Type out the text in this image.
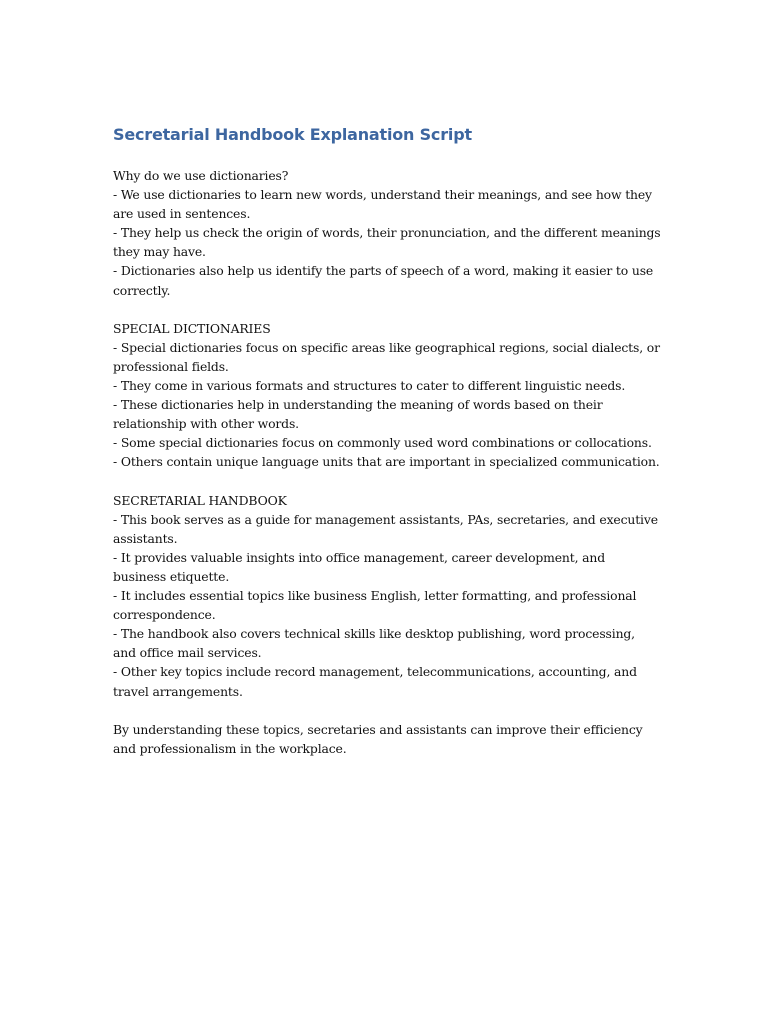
Secretarial Handbook Explanation Script
Why do we use dictionaries?
- We use dictionaries to learn new words, understand their meanings, and see how they are used in sentences.
- They help us check the origin of words, their pronunciation, and the different meanings they may have.
- Dictionaries also help us identify the parts of speech of a word, making it easier to use correctly.
SPECIAL DICTIONARIES
- Special dictionaries focus on specific areas like geographical regions, social dialects, or professional fields.
- They come in various formats and structures to cater to different linguistic needs.
- These dictionaries help in understanding the meaning of words based on their relationship with other words.
- Some special dictionaries focus on commonly used word combinations or collocations.
- Others contain unique language units that are important in specialized communication.
SECRETARIAL HANDBOOK
- This book serves as a guide for management assistants, PAs, secretaries, and executive assistants.
- It provides valuable insights into office management, career development, and business etiquette.
- It includes essential topics like business English, letter formatting, and professional correspondence.
- The handbook also covers technical skills like desktop publishing, word processing, and office mail services.
- Other key topics include record management, telecommunications, accounting, and travel arrangements.
By understanding these topics, secretaries and assistants can improve their efficiency and professionalism in the workplace.
